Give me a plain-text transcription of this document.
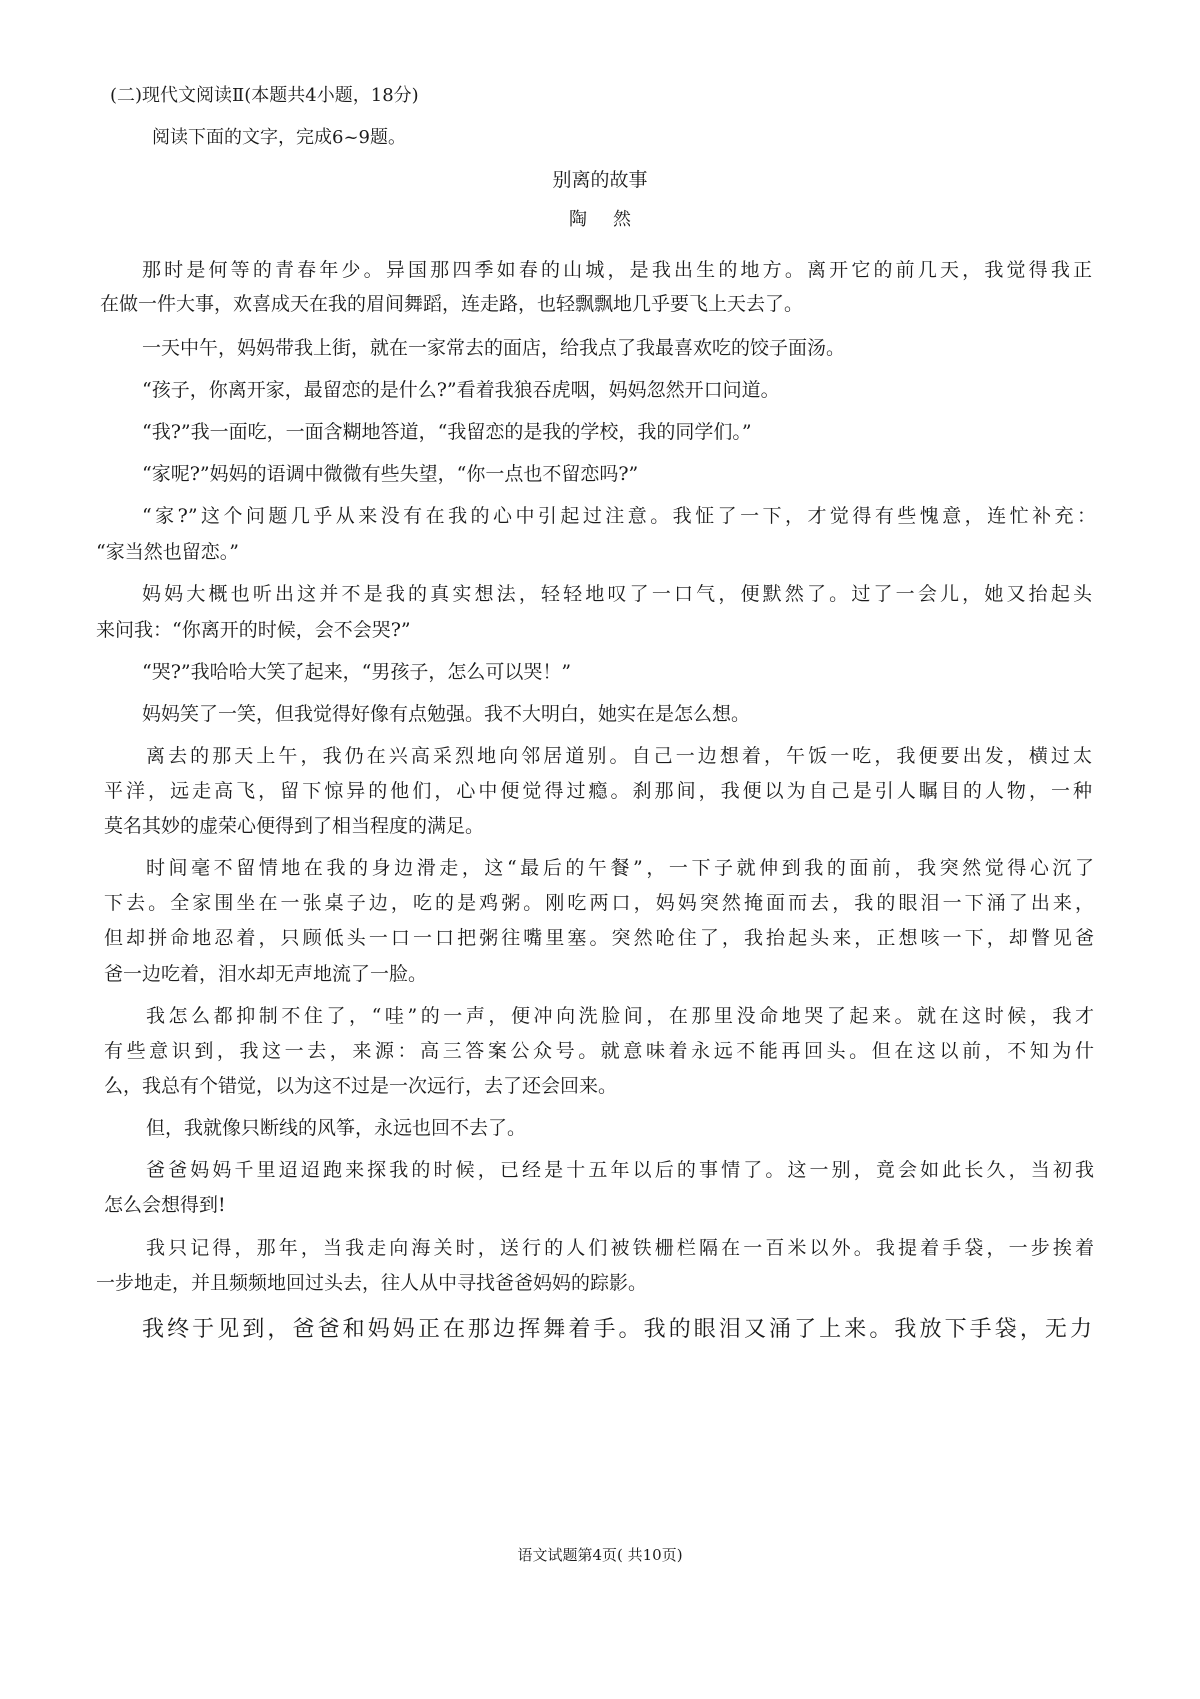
(二)现代文阅读Ⅱ(本题共4小题，18分)
阅读下面的文字，完成6~9题。
别离的故事
陶然
那时是何等的青春年少。异国那四季如春的山城，是我出生的地方。离开它的前几天，我觉得我正
在做一件大事，欢喜成天在我的眉间舞蹈，连走路，也轻飘飘地几乎要飞上天去了。
一天中午，妈妈带我上街，就在一家常去的面店，给我点了我最喜欢吃的饺子面汤。
“孩子，你离开家，最留恋的是什么?”看着我狼吞虎咽，妈妈忽然开口问道。
“我?”我一面吃，一面含糊地答道，“我留恋的是我的学校，我的同学们。”
“家呢?”妈妈的语调中微微有些失望，“你一点也不留恋吗?”
“家?”这个问题几乎从来没有在我的心中引起过注意。我怔了一下，才觉得有些愧意，连忙补充：
“家当然也留恋。”
妈妈大概也听出这并不是我的真实想法，轻轻地叹了一口气，便默然了。过了一会儿，她又抬起头
来问我：“你离开的时候，会不会哭?”
“哭?”我哈哈大笑了起来，“男孩子，怎么可以哭！”
妈妈笑了一笑，但我觉得好像有点勉强。我不大明白，她实在是怎么想。
离去的那天上午，我仍在兴高采烈地向邻居道别。自己一边想着，午饭一吃，我便要出发，横过太
平洋，远走高飞，留下惊异的他们，心中便觉得过瘾。刹那间，我便以为自己是引人瞩目的人物，一种
莫名其妙的虚荣心便得到了相当程度的满足。
时间毫不留情地在我的身边滑走，这“最后的午餐”，一下子就伸到我的面前，我突然觉得心沉了
下去。全家围坐在一张桌子边，吃的是鸡粥。刚吃两口，妈妈突然掩面而去，我的眼泪一下涌了出来，
但却拼命地忍着，只顾低头一口一口把粥往嘴里塞。突然呛住了，我抬起头来，正想咳一下，却瞥见爸
爸一边吃着，泪水却无声地流了一脸。
我怎么都抑制不住了，“哇”的一声，便冲向洗脸间，在那里没命地哭了起来。就在这时候，我才
有些意识到，我这一去，来源：高三答案公众号。就意味着永远不能再回头。但在这以前，不知为什
么，我总有个错觉，以为这不过是一次远行，去了还会回来。
但，我就像只断线的风筝，永远也回不去了。
爸爸妈妈千里迢迢跑来探我的时候，已经是十五年以后的事情了。这一别，竟会如此长久，当初我
怎么会想得到!
我只记得，那年，当我走向海关时，送行的人们被铁栅栏隔在一百米以外。我提着手袋，一步挨着
一步地走，并且频频地回过头去，往人从中寻找爸爸妈妈的踪影。
我终于见到，爸爸和妈妈正在那边挥舞着手。我的眼泪又涌了上来。我放下手袋，无力
语文试题第4页( 共10页)
